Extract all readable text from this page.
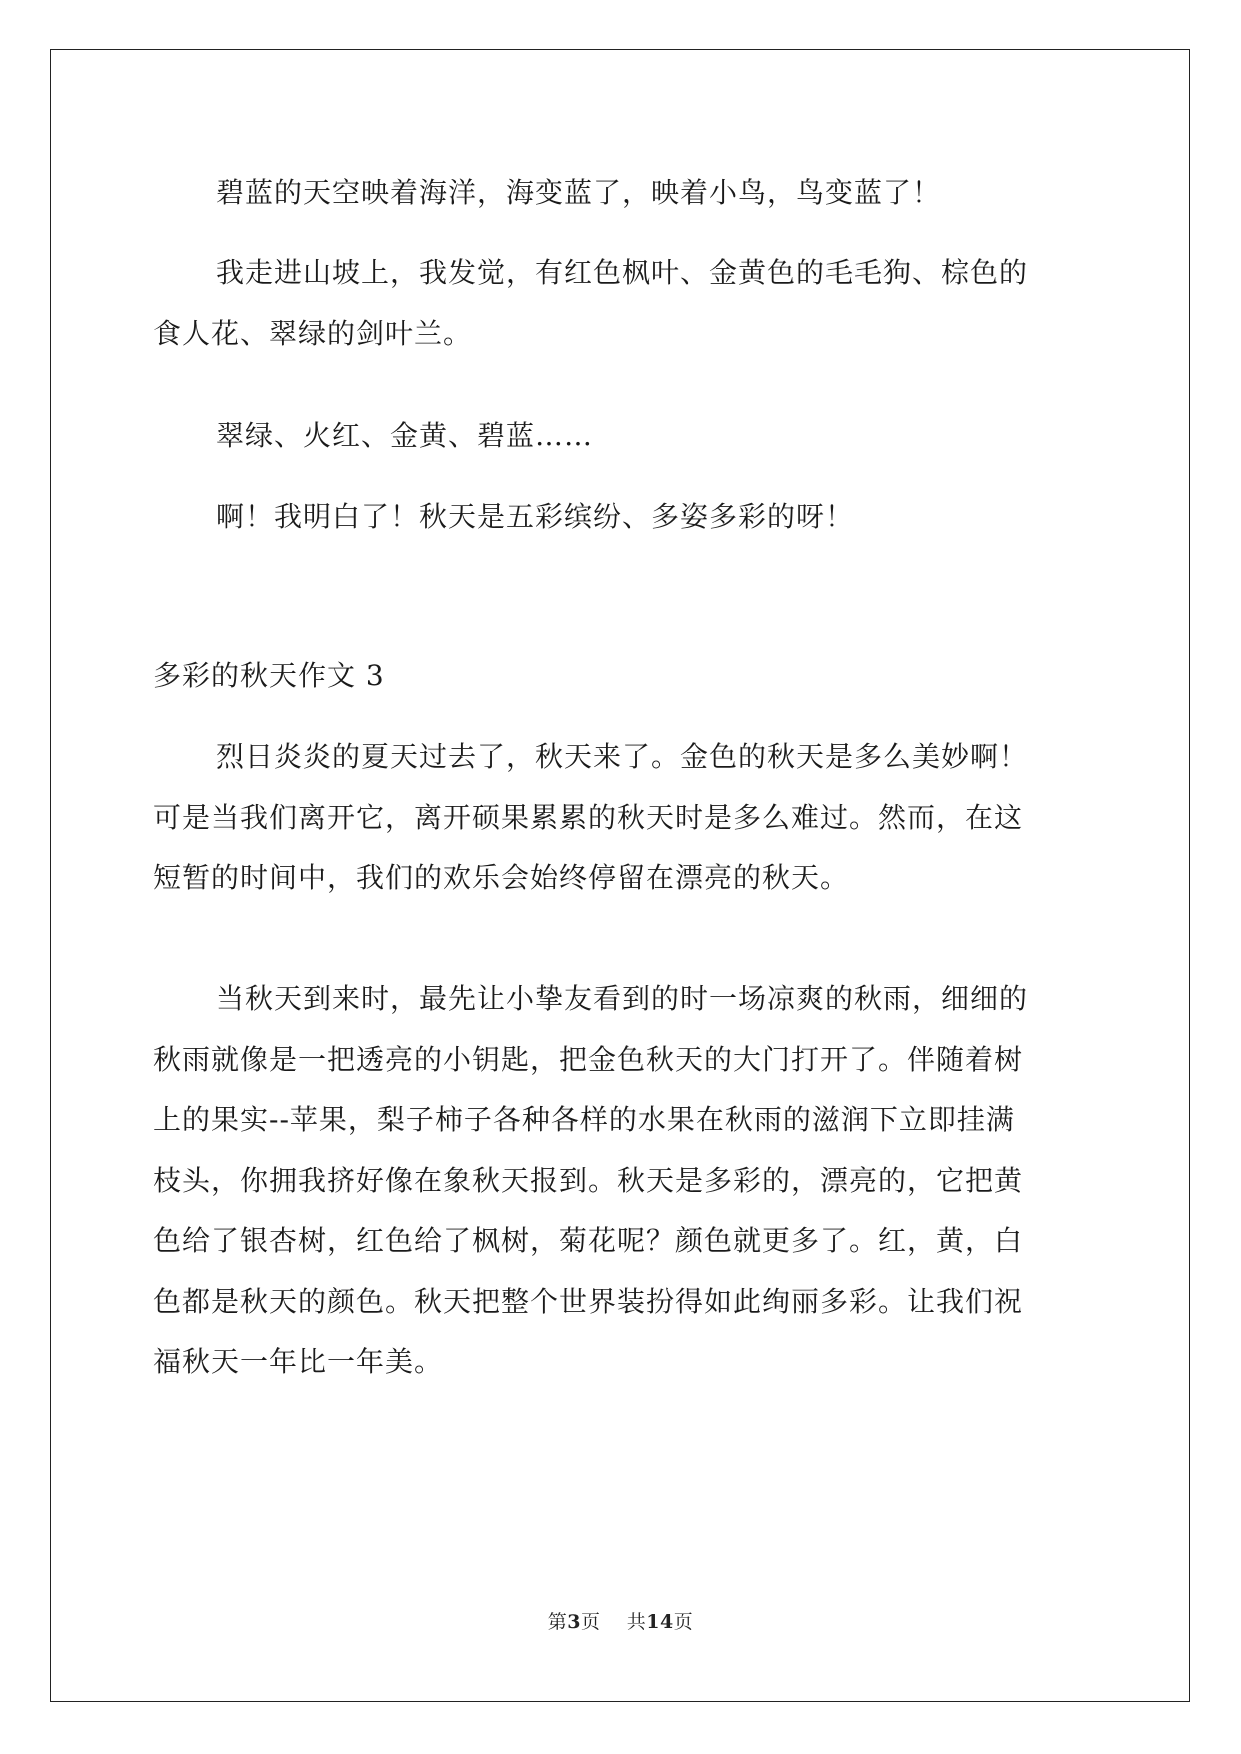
碧蓝的天空映着海洋，海变蓝了，映着小鸟，鸟变蓝了！

我走进山坡上，我发觉，有红色枫叶、金黄色的毛毛狗、棕色的
食人花、翠绿的剑叶兰。

翠绿、火红、金黄、碧蓝……

啊！我明白了！秋天是五彩缤纷、多姿多彩的呀！

多彩的秋天作文 3

烈日炎炎的夏天过去了，秋天来了。金色的秋天是多么美妙啊！
可是当我们离开它，离开硕果累累的秋天时是多么难过。然而，在这
短暂的时间中，我们的欢乐会始终停留在漂亮的秋天。

当秋天到来时，最先让小挚友看到的时一场凉爽的秋雨，细细的
秋雨就像是一把透亮的小钥匙，把金色秋天的大门打开了。伴随着树
上的果实--苹果，梨子柿子各种各样的水果在秋雨的滋润下立即挂满
枝头，你拥我挤好像在象秋天报到。秋天是多彩的，漂亮的，它把黄
色给了银杏树，红色给了枫树，菊花呢？颜色就更多了。红，黄，白
色都是秋天的颜色。秋天把整个世界装扮得如此绚丽多彩。让我们祝
福秋天一年比一年美。

第3页 共14页
